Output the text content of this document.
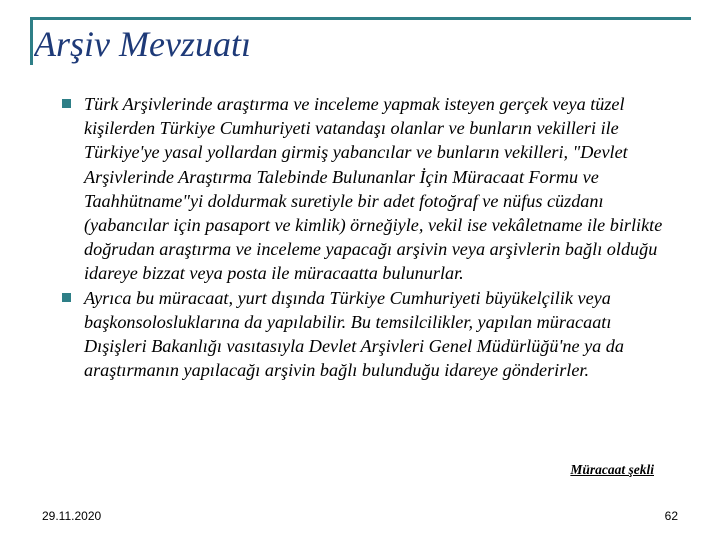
Arşiv Mevzuatı
Türk Arşivlerinde araştırma ve inceleme yapmak isteyen gerçek veya tüzel kişilerden Türkiye Cumhuriyeti vatandaşı olanlar ve bunların vekilleri ile Türkiye'ye yasal yollardan girmiş yabancılar ve bunların vekilleri, "Devlet Arşivlerinde Araştırma Talebinde Bulunanlar İçin Müracaat Formu ve Taahhütname"yi doldurmak suretiyle bir adet fotoğraf ve nüfus cüzdanı (yabancılar için pasaport ve kimlik) örneğiyle, vekil ise vekâletname ile birlikte doğrudan araştırma ve inceleme yapacağı arşivin veya arşivlerin bağlı olduğu idareye bizzat veya posta ile müracaatta bulunurlar.
Ayrıca bu müracaat, yurt dışında Türkiye Cumhuriyeti büyükelçilik veya başkonsolosluklarına da yapılabilir. Bu temsilcilikler, yapılan müracaatı Dışişleri Bakanlığı vasıtasıyla Devlet Arşivleri Genel Müdürlüğü'ne ya da araştırmanın yapılacağı arşivin bağlı bulunduğu idareye gönderirler.
Müracaat şekli
29.11.2020	62
